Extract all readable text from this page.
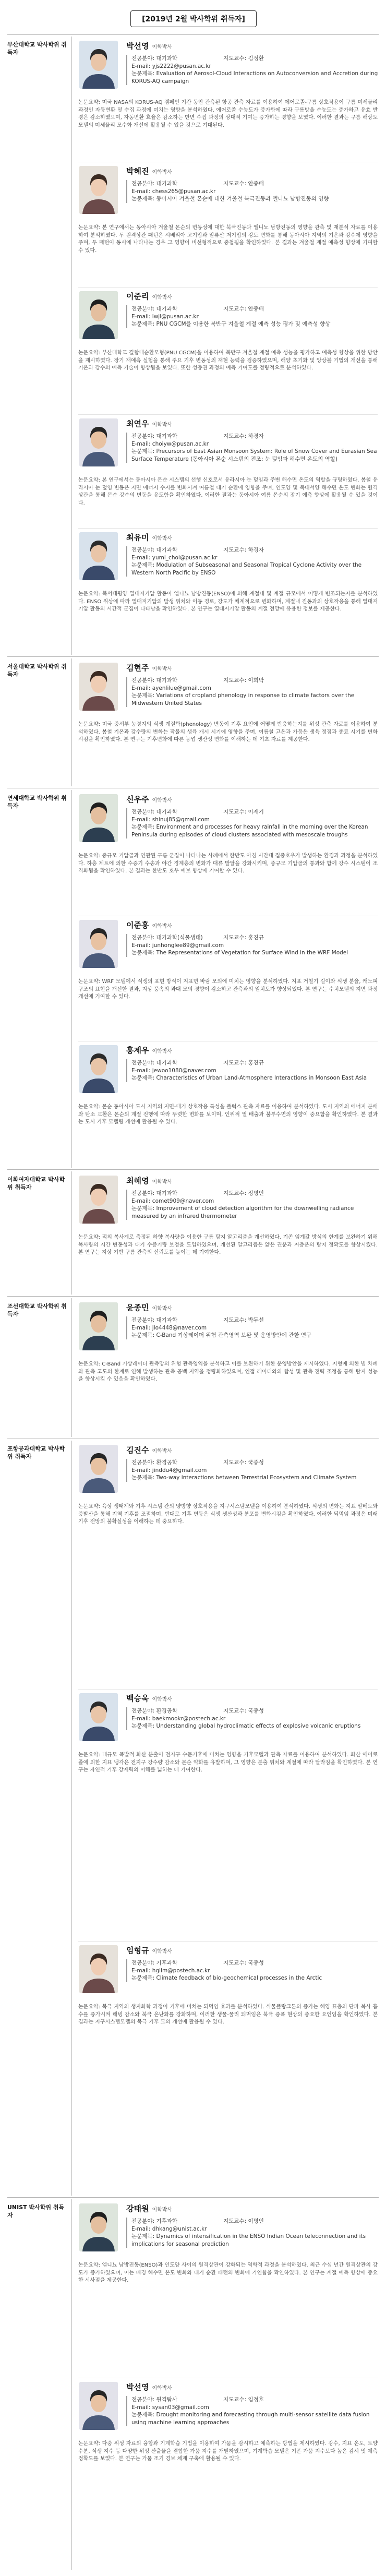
[2019년 2월 박사학위 취득자]
부산대학교 박사학위 취득자
박선영 이학박사
전공분야: 대기과학	지도교수: 김정환
E-mail: yjs2222@pusan.ac.kr
논문제목: Evaluation of Aerosol-Cloud Interactions on Autoconversion and Accretion during KORUS-AQ campaign
논문요약: 미국 NASA의 KORUS-AQ 캠페인 기간 동안 관측된 항공 관측 자료를 이용하여 에어로졸-구름 상호작용이 구름 미세물리 과정인 자동변환 및 수집 과정에 미치는 영향을 분석하였다. 에어로졸 수농도가 증가함에 따라 구름방울 수농도는 증가하고 유효 반경은 감소하였으며, 자동변환 효율은 감소하는 반면 수집 과정의 상대적 기여는 증가하는 경향을 보였다. 이러한 결과는 구름 해상도 모델의 미세물리 모수화 개선에 활용될 수 있을 것으로 기대된다.
박혜진 이학박사
전공분야: 대기과학	지도교수: 안중배
E-mail: chess265@pusan.ac.kr
논문제목: 동아시아 겨울철 몬순에 대한 겨울철 북극진동과 엘니뇨 남방진동의 영향
논문요약: 본 연구에서는 동아시아 겨울철 몬순의 변동성에 대한 북극진동과 엘니뇨 남방진동의 영향을 관측 및 재분석 자료를 이용하여 분석하였다. 두 원격상관 패턴은 시베리아 고기압과 알류샨 저기압의 강도 변화를 통해 동아시아 지역의 기온과 강수에 영향을 주며, 두 패턴이 동시에 나타나는 경우 그 영향이 비선형적으로 중첩됨을 확인하였다. 본 결과는 겨울철 계절 예측성 향상에 기여할 수 있다.
이준리 이학박사
전공분야: 대기과학	지도교수: 안중배
E-mail: lwjl@pusan.ac.kr
논문제목: PNU CGCM을 이용한 북반구 겨울철 계절 예측 성능 평가 및 예측성 향상
논문요약: 부산대학교 결합대순환모형(PNU CGCM)을 이용하여 북반구 겨울철 계절 예측 성능을 평가하고 예측성 향상을 위한 방안을 제시하였다. 장기 재예측 실험을 통해 주요 기후 변동성의 재현 능력을 검증하였으며, 해양 초기화 및 앙상블 기법의 개선을 통해 기온과 강수의 예측 기술이 향상됨을 보였다. 또한 성층권 과정의 예측 기여도를 정량적으로 분석하였다.
최연우 이학박사
전공분야: 대기과학	지도교수: 하경자
E-mail: choiyw@pusan.ac.kr
논문제목: Precursors of East Asian Monsoon System: Role of Snow Cover and Eurasian Sea Surface Temperature (동아시아 몬순 시스템의 전조: 눈 덮임과 해수면 온도의 역할)
논문요약: 본 연구에서는 동아시아 몬순 시스템의 선행 신호로서 유라시아 눈 덮임과 주변 해수면 온도의 역할을 규명하였다. 봄철 유라시아 눈 덮임 변동은 지면 에너지 수지를 변화시켜 여름철 대기 순환에 영향을 주며, 인도양 및 북대서양 해수면 온도 변화는 원격상관을 통해 몬순 강수의 변동을 유도함을 확인하였다. 이러한 결과는 동아시아 여름 몬순의 장기 예측 향상에 활용될 수 있을 것이다.
최유미 이학박사
전공분야: 대기과학	지도교수: 하경자
E-mail: yumi_choi@pusan.ac.kr
논문제목: Modulation of Subseasonal and Seasonal Tropical Cyclone Activity over the Western North Pacific by ENSO
논문요약: 북서태평양 열대저기압 활동이 엘니뇨 남방진동(ENSO)에 의해 계절내 및 계절 규모에서 어떻게 변조되는지를 분석하였다. ENSO 위상에 따라 열대저기압의 발생 위치와 이동 경로, 강도가 체계적으로 변화하며, 계절내 진동과의 상호작용을 통해 열대저기압 활동의 시간적 군집이 나타남을 확인하였다. 본 연구는 열대저기압 활동의 계절 전망에 유용한 정보를 제공한다.
서울대학교 박사학위 취득자
김현주 이학박사
전공분야: 대기과학	지도교수: 이희박
E-mail: ayenlilue@gmail.com
논문제목: Variations of cropland phenology in response to climate factors over the Midwestern United States
논문요약: 미국 중서부 농경지의 식생 계절학(phenology) 변동이 기후 요인에 어떻게 반응하는지를 위성 관측 자료를 이용하여 분석하였다. 봄철 기온과 강수량의 변화는 작물의 생육 개시 시기에 영향을 주며, 여름철 고온과 가뭄은 생육 정점과 종료 시기를 변화시킴을 확인하였다. 본 연구는 기후변화에 따른 농업 생산성 변화를 이해하는 데 기초 자료를 제공한다.
연세대학교 박사학위 취득자
신우주 이학박사
전공분야: 대기과학	지도교수: 이재기
E-mail: shinuj85@gmail.com
논문제목: Environment and processes for heavy rainfall in the morning over the Korean Peninsula during episodes of cloud clusters associated with mesoscale troughs
논문요약: 중규모 기압골과 연관된 구름 군집이 나타나는 사례에서 한반도 아침 시간대 집중호우가 발생하는 환경과 과정을 분석하였다. 하층 제트에 의한 수증기 수송과 야간 경계층의 변화가 대류 발달을 강화시키며, 중규모 기압골의 통과와 함께 강수 시스템이 조직화됨을 확인하였다. 본 결과는 한반도 호우 예보 향상에 기여할 수 있다.
이준홍 이학박사
전공분야: 대기과학(식물생태)	지도교수: 홍진규
E-mail: junhonglee89@gmail.com
논문제목: The Representations of Vegetation for Surface Wind in the WRF Model
논문요약: WRF 모델에서 식생의 표현 방식이 지표면 바람 모의에 미치는 영향을 분석하였다. 지표 거칠기 길이와 식생 분율, 캐노피 구조의 표현을 개선한 결과, 지상 풍속의 과대 모의 경향이 감소하고 관측과의 일치도가 향상되었다. 본 연구는 수치모델의 지면 과정 개선에 기여할 수 있다.
홍제우 이학박사
전공분야: 대기과학	지도교수: 홍진규
E-mail: jewoo1080@naver.com
논문제목: Characteristics of Urban Land-Atmosphere Interactions in Monsoon East Asia
논문요약: 몬순 동아시아 도시 지역의 지면-대기 상호작용 특성을 플럭스 관측 자료를 이용하여 분석하였다. 도시 지역의 에너지 분배와 탄소 교환은 몬순의 계절 진행에 따라 뚜렷한 변화를 보이며, 인위적 열 배출과 불투수면의 영향이 중요함을 확인하였다. 본 결과는 도시 기후 모델링 개선에 활용될 수 있다.
이화여자대학교 박사학위 취득자
최혜영 이학박사
전공분야: 대기과학	지도교수: 정명인
E-mail: comet909@naver.com
논문제목: Improvement of cloud detection algorithm for the downwelling radiance measured by an infrared thermometer
논문요약: 적외 복사계로 측정된 하향 복사량을 이용한 구름 탐지 알고리즘을 개선하였다. 기존 임계값 방식의 한계를 보완하기 위해 복사량의 시간 변동성과 대기 수증기량 보정을 도입하였으며, 개선된 알고리즘은 얇은 권운과 저층운의 탐지 정확도를 향상시켰다. 본 연구는 지상 기반 구름 관측의 신뢰도를 높이는 데 기여한다.
조선대학교 박사학위 취득자
윤종민 이학박사
전공분야: 대기과학	지도교수: 박두선
E-mail: jlo4448@naver.com
논문제목: C-Band 기상레이더 위험 관측영역 보완 및 운영방안에 관한 연구
논문요약: C-Band 기상레이더 관측망의 위험 관측영역을 분석하고 이를 보완하기 위한 운영방안을 제시하였다. 지형에 의한 빔 차폐와 관측 고도의 한계로 인해 발생하는 관측 공백 지역을 정량화하였으며, 인접 레이더와의 합성 및 관측 전략 조정을 통해 탐지 성능을 향상시킬 수 있음을 확인하였다.
포항공과대학교 박사학위 취득자
김진수 이학박사
전공분야: 환경공학	지도교수: 국종성
E-mail: jinddu4@gmail.com
논문제목: Two-way interactions between Terrestrial Ecosystem and Climate System
논문요약: 육상 생태계와 기후 시스템 간의 양방향 상호작용을 지구시스템모델을 이용하여 분석하였다. 식생의 변화는 지표 알베도와 증발산을 통해 지역 기후를 조절하며, 반대로 기후 변동은 식생 생산성과 분포를 변화시킴을 확인하였다. 이러한 되먹임 과정은 미래 기후 전망의 불확실성을 이해하는 데 중요하다.
백승욱 이학박사
전공분야: 환경공학	지도교수: 국종성
E-mail: baekmookr@postech.ac.kr
논문제목: Understanding global hydroclimatic effects of explosive volcanic eruptions
논문요약: 대규모 폭발적 화산 분출이 전지구 수문기후에 미치는 영향을 기후모델과 관측 자료를 이용하여 분석하였다. 화산 에어로졸에 의한 지표 냉각은 전지구 강수량 감소와 몬순 약화를 유발하며, 그 영향은 분출 위치와 계절에 따라 달라짐을 확인하였다. 본 연구는 자연적 기후 강제력의 이해를 넓히는 데 기여한다.
임형규 이학박사
전공분야: 기후과학	지도교수: 국종성
E-mail: hglim@postech.ac.kr
논문제목: Climate feedback of bio-geochemical processes in the Arctic
논문요약: 북극 지역의 생지화학 과정이 기후에 미치는 되먹임 효과를 분석하였다. 식물플랑크톤의 증가는 해양 표층의 단파 복사 흡수를 증가시켜 해빙 감소와 북극 온난화를 강화하며, 이러한 생물-물리 되먹임은 북극 증폭 현상의 중요한 요인임을 확인하였다. 본 결과는 지구시스템모델의 북극 기후 모의 개선에 활용될 수 있다.
UNIST 박사학위 취득자
강태원 이학박사
전공분야: 기후과학	지도교수: 이명인
E-mail: dhkang@unist.ac.kr
논문제목: Dynamics of intensification in the ENSO Indian Ocean teleconnection and its implications for seasonal prediction
논문요약: 엘니뇨 남방진동(ENSO)과 인도양 사이의 원격상관이 강화되는 역학적 과정을 분석하였다. 최근 수십 년간 원격상관의 강도가 증가하였으며, 이는 배경 해수면 온도 변화와 대기 순환 패턴의 변화에 기인함을 확인하였다. 본 연구는 계절 예측 향상에 중요한 시사점을 제공한다.
박선영 이학박사
전공분야: 원격탐사	지도교수: 임정호
E-mail: sysan03@gmail.com
논문제목: Drought monitoring and forecasting through multi-sensor satellite data fusion using machine learning approaches
논문요약: 다중 위성 자료의 융합과 기계학습 기법을 이용하여 가뭄을 감시하고 예측하는 방법을 제시하였다. 강수, 지표 온도, 토양 수분, 식생 지수 등 다양한 위성 산출물을 결합한 가뭄 지수를 개발하였으며, 기계학습 모델은 기존 가뭄 지수보다 높은 감시 및 예측 정확도를 보였다. 본 연구는 가뭄 조기 경보 체계 구축에 활용될 수 있다.
